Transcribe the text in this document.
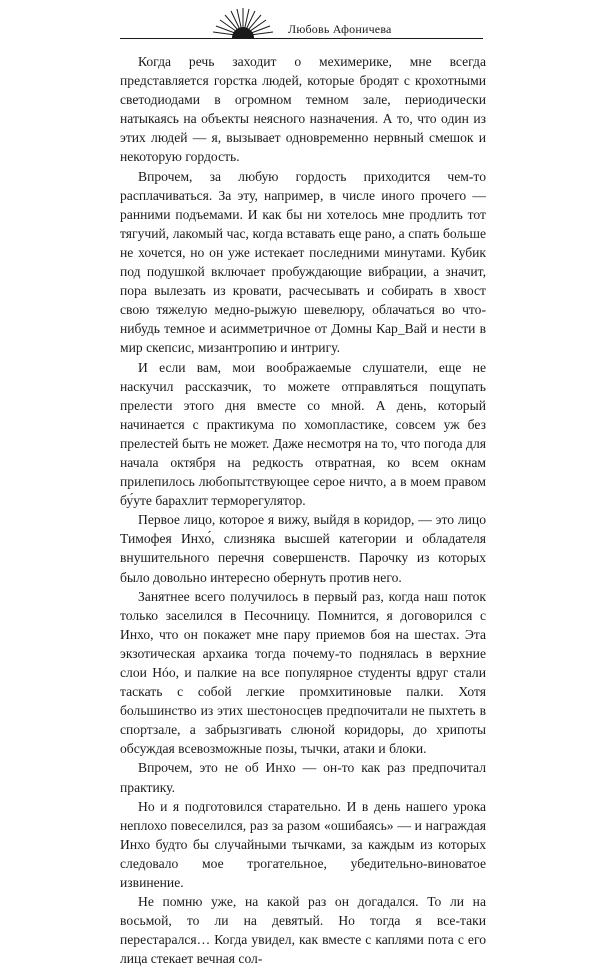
Любовь Афоничева

Когда речь заходит о мехимерике, мне всегда представляется горстка людей, которые бродят с крохотными светодиодами в огромном темном зале, периодически натыкаясь на объекты неясного назначения. А то, что один из этих людей — я, вызывает одновременно нервный смешок и некоторую гордость.

Впрочем, за любую гордость приходится чем-то расплачиваться. За эту, например, в числе иного прочего — ранними подъемами. И как бы ни хотелось мне продлить тот тягучий, лакомый час, когда вставать еще рано, а спать больше не хочется, но он уже истекает последними минутами. Кубик под подушкой включает пробуждающие вибрации, а значит, пора вылезать из кровати, расчесывать и собирать в хвост свою тяжелую медно-рыжую шевелюру, облачаться во что-нибудь темное и асимметричное от Домны Кар_Вай и нести в мир скепсис, мизантропию и интригу.

И если вам, мои воображаемые слушатели, еще не наскучил рассказчик, то можете отправляться пощупать прелести этого дня вместе со мной. А день, который начинается с практикума по хомопластике, совсем уж без прелестей быть не может. Даже несмотря на то, что погода для начала октября на редкость отвратная, ко всем окнам прилепилось любопытствующее серое ничто, а в моем правом бу́уте барахлит терморегулятор.

Первое лицо, которое я вижу, выйдя в коридор, — это лицо Тимофея Инхо́, слизняка высшей категории и обладателя внушительного перечня совершенств. Парочку из которых было довольно интересно обернуть против него.

Занятнее всего получилось в первый раз, когда наш поток только заселился в Песочницу. Помнится, я договорился с Инхо, что он покажет мне пару приемов боя на шестах. Эта экзотическая архаика тогда почему-то поднялась в верхние слои Нóо, и палкие на все популярное студенты вдруг стали таскать с собой легкие промхитиновые палки. Хотя большинство из этих шестоносцев предпочитали не пыхтеть в спортзале, а забрызгивать слюной коридоры, до хрипоты обсуждая всевозможные позы, тычки, атаки и блоки.

Впрочем, это не об Инхо — он-то как раз предпочитал практику.

Но и я подготовился старательно. И в день нашего урока неплохо повеселился, раз за разом «ошибаясь» — и награждая Инхо будто бы случайными тычками, за каждым из которых следовало мое трогательное, убедительно-виноватое извинение.

Не помню уже, на какой раз он догадался. То ли на восьмой, то ли на девятый. Но тогда я все-таки перестарался… Когда увидел, как вместе с каплями пота с его лица стекает вечная сол-
